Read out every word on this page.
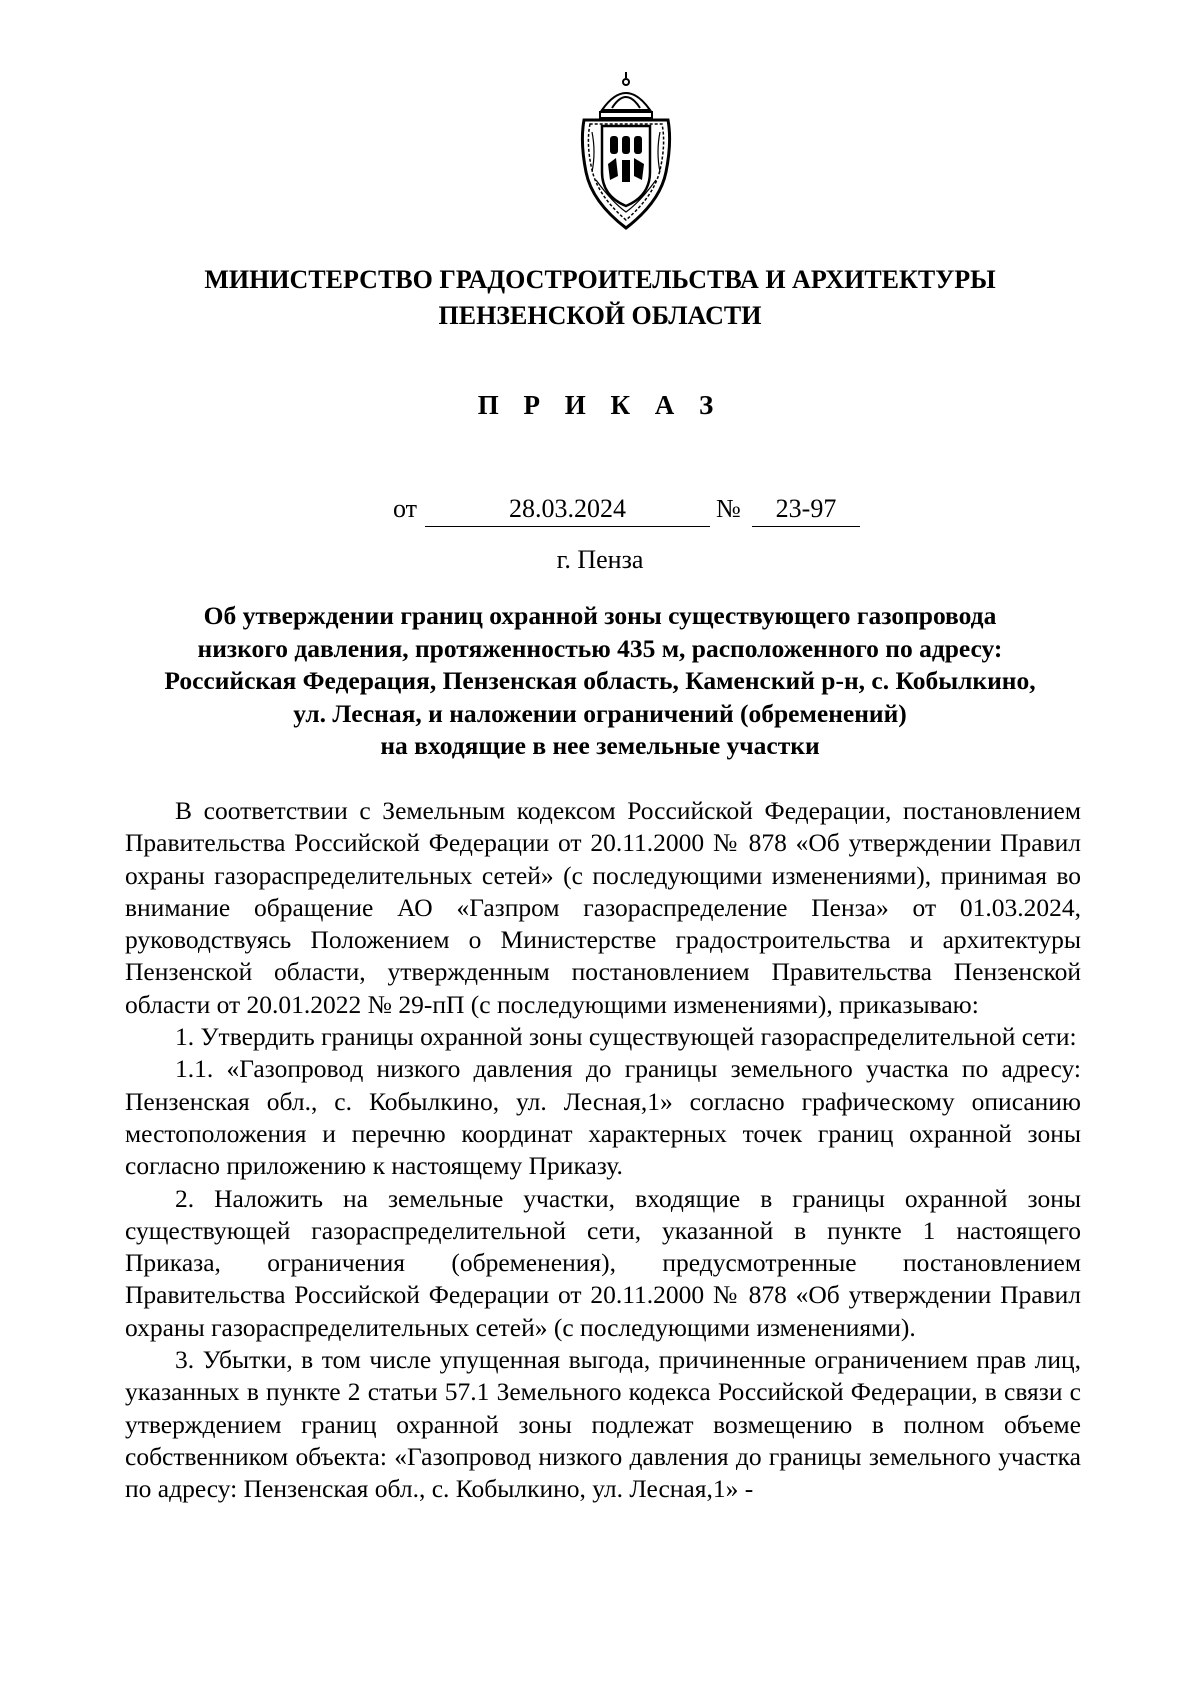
МИНИСТЕРСТВО ГРАДОСТРОИТЕЛЬСТВА И АРХИТЕКТУРЫ
ПЕНЗЕНСКОЙ ОБЛАСТИ
П Р И К А З
от	28.03.2024	№	23-97
г. Пенза
Об утверждении границ охранной зоны существующего газопровода
низкого давления, протяженностью 435 м, расположенного по адресу:
Российская Федерация, Пензенская область, Каменский р-н, с. Кобылкино,
ул. Лесная, и наложении ограничений (обременений)
на входящие в нее земельные участки

В соответствии с Земельным кодексом Российской Федерации, постановлением Правительства Российской Федерации от 20.11.2000 № 878 «Об утверждении Правил охраны газораспределительных сетей» (с последующими изменениями), принимая во внимание обращение АО «Газпром газораспределение Пенза» от 01.03.2024, руководствуясь Положением о Министерстве градостроительства и архитектуры Пензенской области, утвержденным постановлением Правительства Пензенской области от 20.01.2022 № 29-пП (с последующими изменениями), приказываю:

1. Утвердить границы охранной зоны существующей газораспределительной сети:

1.1. «Газопровод низкого давления до границы земельного участка по адресу: Пензенская обл., с. Кобылкино, ул. Лесная,1» согласно графическому описанию местоположения и перечню координат характерных точек границ охранной зоны согласно приложению к настоящему Приказу.

2. Наложить на земельные участки, входящие в границы охранной зоны существующей газораспределительной сети, указанной в пункте 1 настоящего Приказа, ограничения (обременения), предусмотренные постановлением Правительства Российской Федерации от 20.11.2000 № 878 «Об утверждении Правил охраны газораспределительных сетей» (с последующими изменениями).

3. Убытки, в том числе упущенная выгода, причиненные ограничением прав лиц, указанных в пункте 2 статьи 57.1 Земельного кодекса Российской Федерации, в связи с утверждением границ охранной зоны подлежат возмещению в полном объеме собственником объекта: «Газопровод низкого давления до границы земельного участка по адресу: Пензенская обл., с. Кобылкино, ул. Лесная,1» -
